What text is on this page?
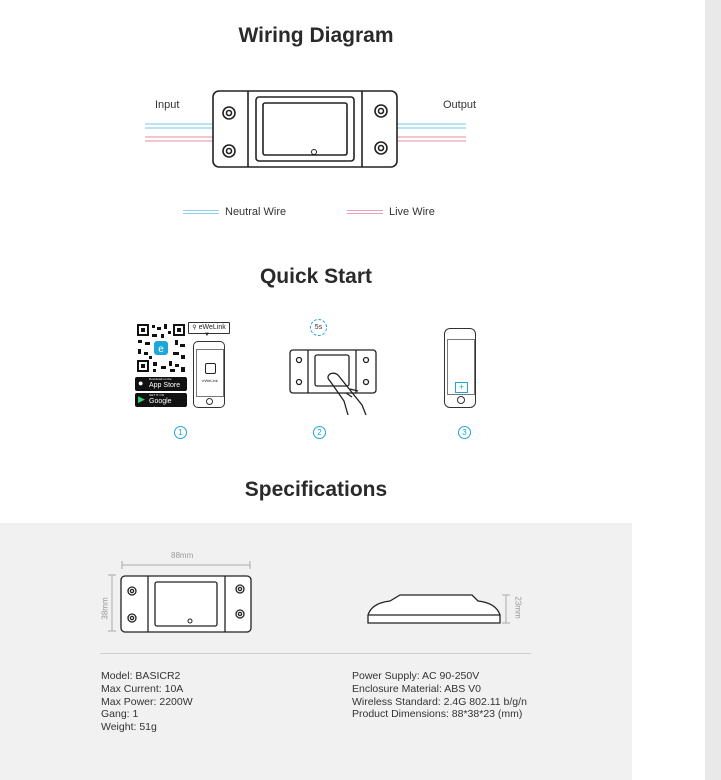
Wiring Diagram
Input	Output
Neutral Wire	Live Wire
Quick Start
e
● Download on the
App Store
▶ GET IT ON
Google Play
⚲ eWeLink
▼
eWeLink
5s
+
1	2	3
Specifications
88mm
38mm	23mm
Model: BASICR2
Max Current: 10A
Max Power: 2200W
Gang: 1
Weight: 51g
Power Supply: AC 90-250V
Enclosure Material: ABS V0
Wireless Standard: 2.4G 802.11 b/g/n
Product Dimensions: 88*38*23 (mm)
